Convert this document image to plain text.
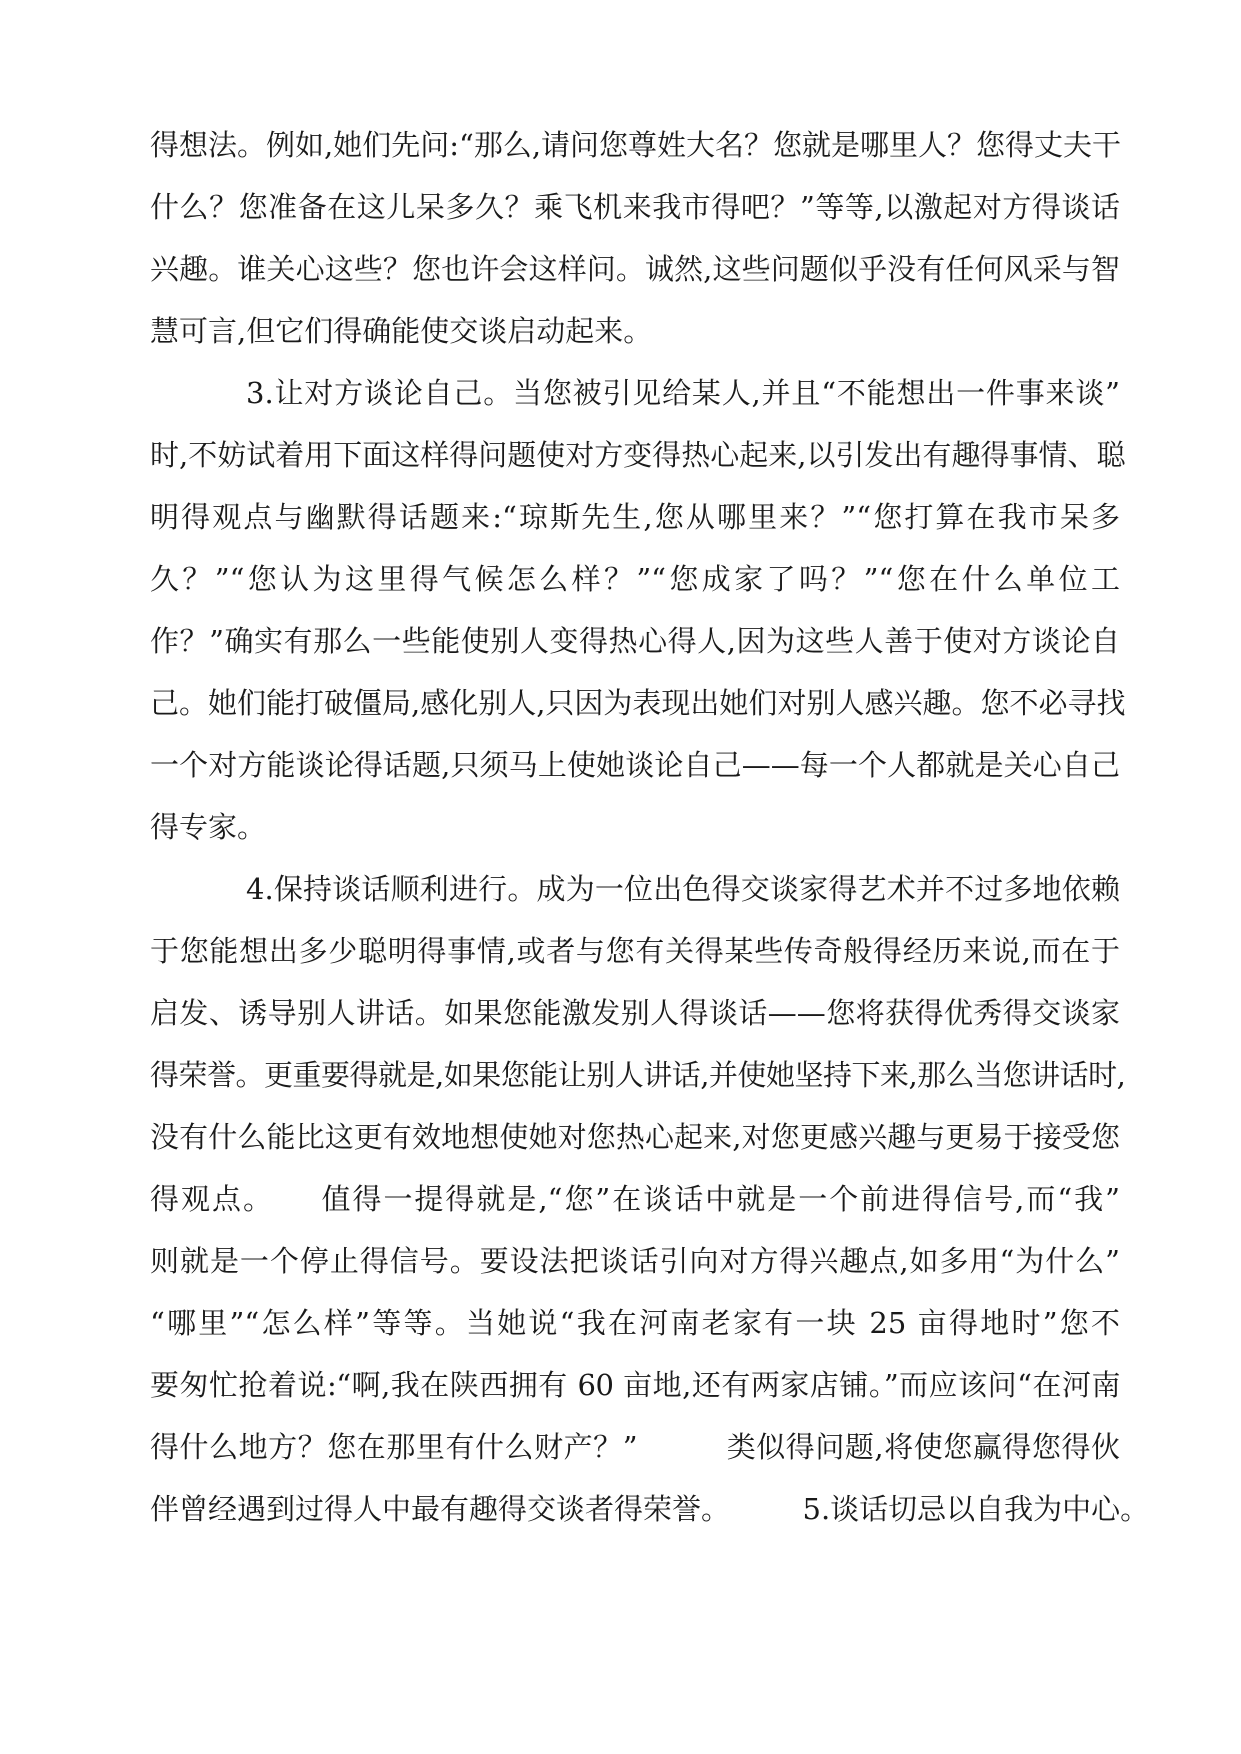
得想法。例如,她们先问:“那么,请问您尊姓大名？您就是哪里人？您得丈夫干
什么？您准备在这儿呆多久？乘飞机来我市得吧？”等等,以激起对方得谈话
兴趣。谁关心这些？您也许会这样问。诚然,这些问题似乎没有任何风采与智
慧可言,但它们得确能使交谈启动起来。
3.让对方谈论自己。当您被引见给某人,并且“不能想出一件事来谈”
时,不妨试着用下面这样得问题使对方变得热心起来,以引发出有趣得事情、聪
明得观点与幽默得话题来:“琼斯先生,您从哪里来？”“您打算在我市呆多
久？”“您认为这里得气候怎么样？”“您成家了吗？”“您在什么单位工
作？”确实有那么一些能使别人变得热心得人,因为这些人善于使对方谈论自
己。她们能打破僵局,感化别人,只因为表现出她们对别人感兴趣。您不必寻找
一个对方能谈论得话题,只须马上使她谈论自己——每一个人都就是关心自己
得专家。
4.保持谈话顺利进行。成为一位出色得交谈家得艺术并不过多地依赖
于您能想出多少聪明得事情,或者与您有关得某些传奇般得经历来说,而在于
启发、诱导别人讲话。如果您能激发别人得谈话——您将获得优秀得交谈家
得荣誉。更重要得就是,如果您能让别人讲话,并使她坚持下来,那么当您讲话时,
没有什么能比这更有效地想使她对您热心起来,对您更感兴趣与更易于接受您
得观点。　　值得一提得就是,“您”在谈话中就是一个前进得信号,而“我”
则就是一个停止得信号。要设法把谈话引向对方得兴趣点,如多用“为什么”
“哪里”“怎么样”等等。当她说“我在河南老家有一块 25 亩得地时”您不
要匆忙抢着说:“啊,我在陕西拥有 60 亩地,还有两家店铺。”而应该问“在河南
得什么地方？您在那里有什么财产？”　　　类似得问题,将使您赢得您得伙
伴曾经遇到过得人中最有趣得交谈者得荣誉。　　　5.谈话切忌以自我为中心。
